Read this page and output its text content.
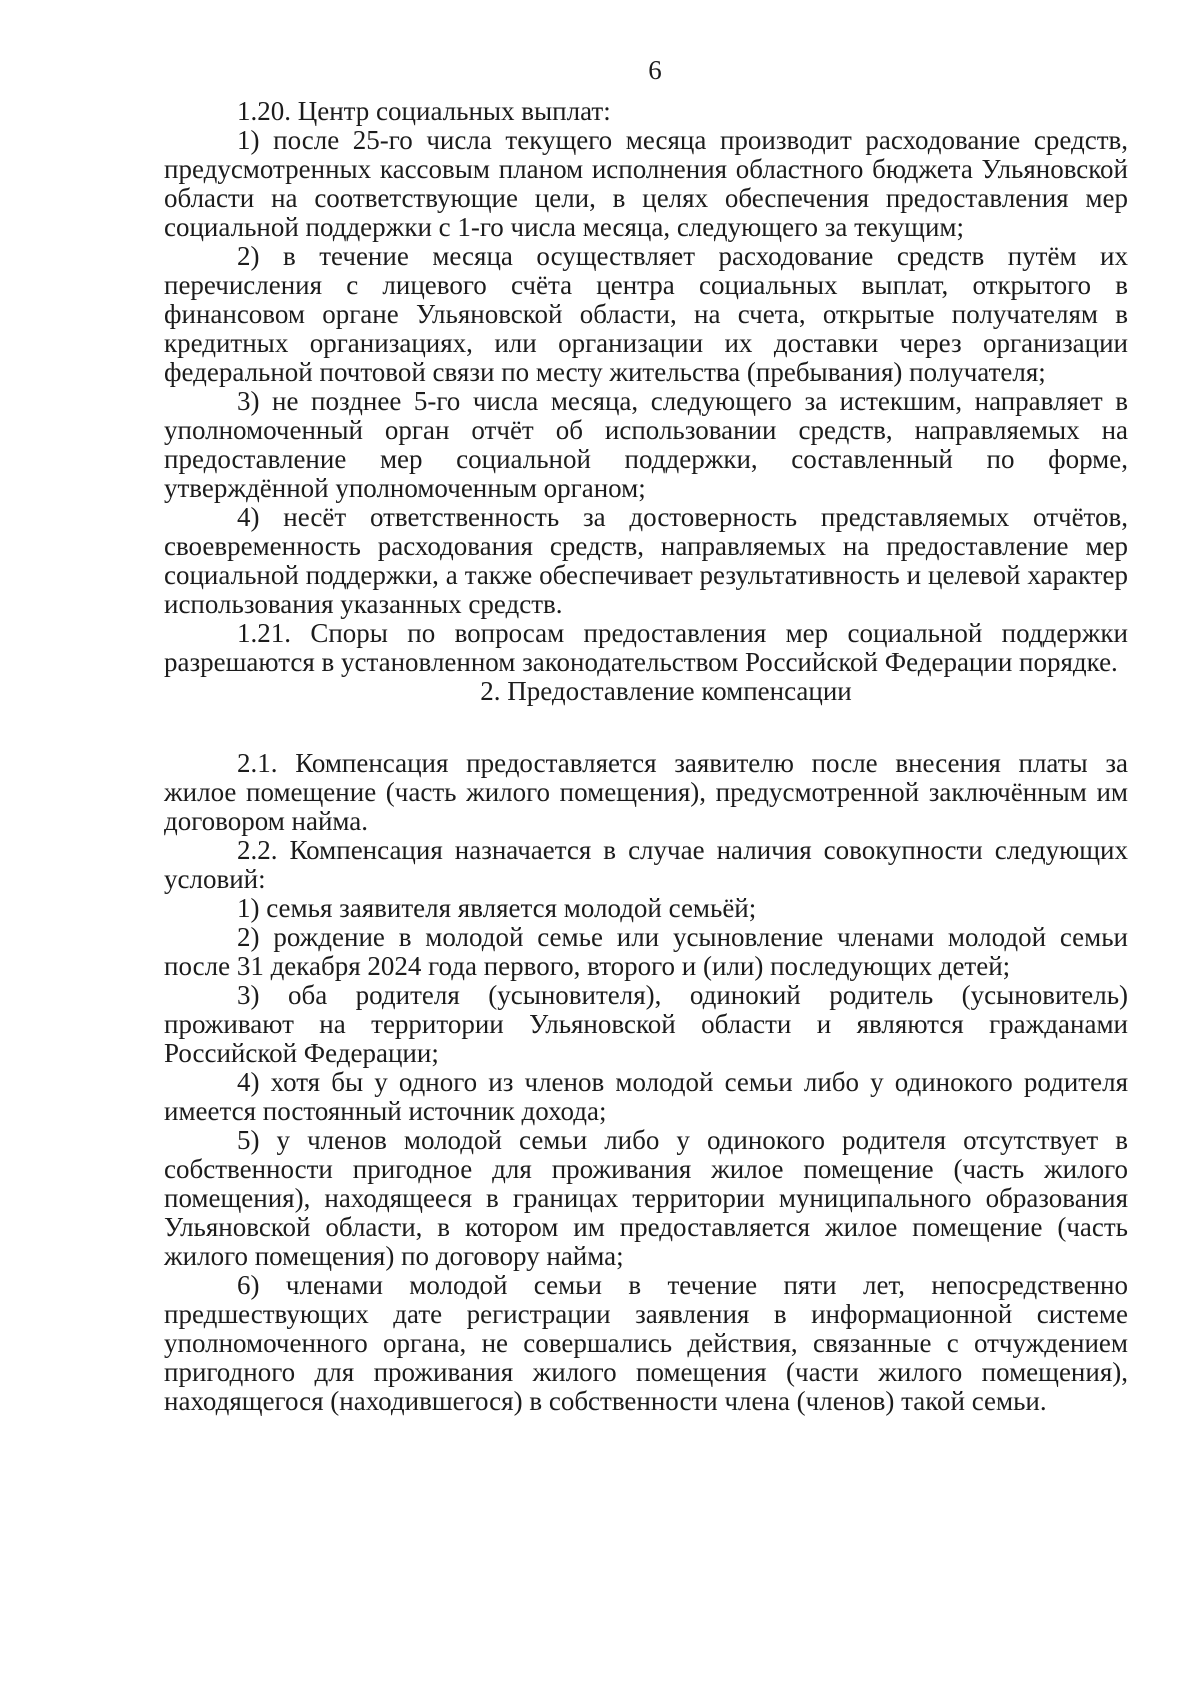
6

1.20. Центр социальных выплат:

1) после 25-го числа текущего месяца производит расходование средств, предусмотренных кассовым планом исполнения областного бюджета Ульяновской области на соответствующие цели, в целях обеспечения предоставления мер социальной поддержки с 1-го числа месяца, следующего за текущим;

2) в течение месяца осуществляет расходование средств путём их перечисления с лицевого счёта центра социальных выплат, открытого в финансовом органе Ульяновской области, на счета, открытые получателям в кредитных организациях, или организации их доставки через организации федеральной почтовой связи по месту жительства (пребывания) получателя;

3) не позднее 5-го числа месяца, следующего за истекшим, направляет в уполномоченный орган отчёт об использовании средств, направляемых на предоставление мер социальной поддержки, составленный по форме, утверждённой уполномоченным органом;

4) несёт ответственность за достоверность представляемых отчётов, своевременность расходования средств, направляемых на предоставление мер социальной поддержки, а также обеспечивает результативность и целевой характер использования указанных средств.

1.21. Споры по вопросам предоставления мер социальной поддержки разрешаются в установленном законодательством Российской Федерации порядке.

2. Предоставление компенсации

2.1. Компенсация предоставляется заявителю после внесения платы за жилое помещение (часть жилого помещения), предусмотренной заключённым им договором найма.

2.2. Компенсация назначается в случае наличия совокупности следующих условий:

1) семья заявителя является молодой семьёй;

2) рождение в молодой семье или усыновление членами молодой семьи после 31 декабря 2024 года первого, второго и (или) последующих детей;

3) оба родителя (усыновителя), одинокий родитель (усыновитель) проживают на территории Ульяновской области и являются гражданами Российской Федерации;

4) хотя бы у одного из членов молодой семьи либо у одинокого родителя имеется постоянный источник дохода;

5) у членов молодой семьи либо у одинокого родителя отсутствует в собственности пригодное для проживания жилое помещение (часть жилого помещения), находящееся в границах территории муниципального образования Ульяновской области, в котором им предоставляется жилое помещение (часть жилого помещения) по договору найма;

6) членами молодой семьи в течение пяти лет, непосредственно предшествующих дате регистрации заявления в информационной системе уполномоченного органа, не совершались действия, связанные с отчуждением пригодного для проживания жилого помещения (части жилого помещения), находящегося (находившегося) в собственности члена (членов) такой семьи.
